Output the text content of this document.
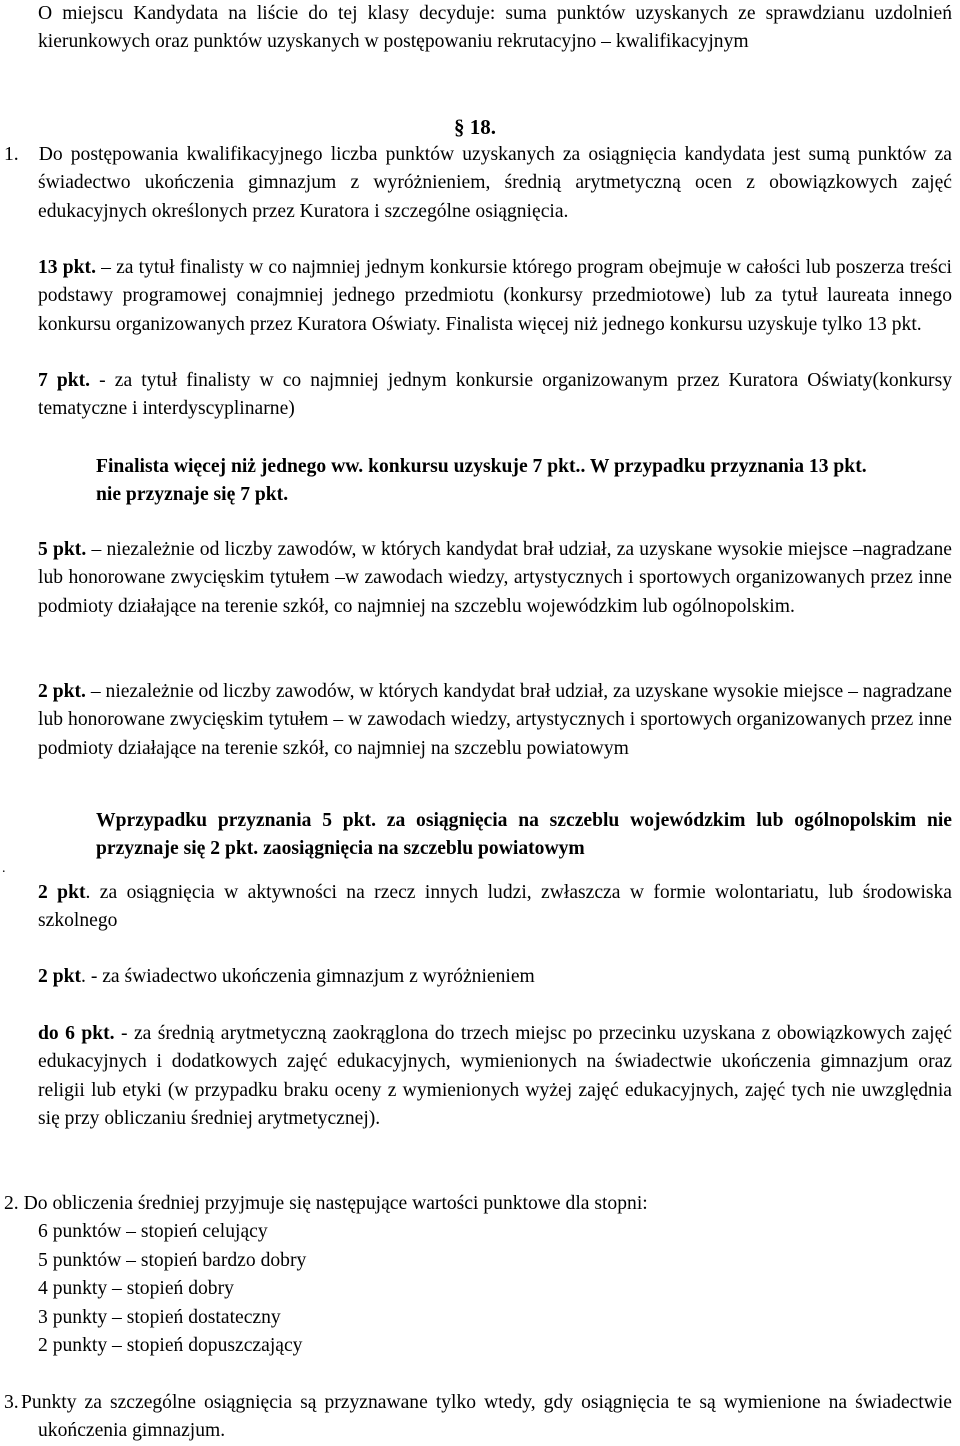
O miejscu Kandydata na liście do tej klasy decyduje: suma punktów uzyskanych ze sprawdzianu uzdolnień kierunkowych oraz punktów uzyskanych w postępowaniu rekrutacyjno – kwalifikacyjnym

§ 18.

1. Do postępowania kwalifikacyjnego liczba punktów uzyskanych za osiągnięcia kandydata jest sumą punktów za świadectwo ukończenia gimnazjum z wyróżnieniem, średnią arytmetyczną ocen z obowiązkowych zajęć edukacyjnych określonych przez Kuratora i szczególne osiągnięcia.

13 pkt. – za tytuł finalisty w co najmniej jednym konkursie którego program obejmuje w całości lub poszerza treści podstawy programowej conajmniej jednego przedmiotu (konkursy przedmiotowe) lub za tytuł laureata innego konkursu organizowanych przez Kuratora Oświaty. Finalista więcej niż jednego konkursu uzyskuje tylko 13 pkt.

7 pkt. - za tytuł finalisty w co najmniej jednym konkursie organizowanym przez Kuratora Oświaty(konkursy tematyczne i interdyscyplinarne)

Finalista więcej niż jednego ww. konkursu uzyskuje 7 pkt.. W przypadku przyznania 13 pkt. nie przyznaje się 7 pkt.

5 pkt. – niezależnie od liczby zawodów, w których kandydat brał udział, za uzyskane wysokie miejsce –nagradzane lub honorowane zwycięskim tytułem –w zawodach wiedzy, artystycznych i sportowych organizowanych przez inne podmioty działające na terenie szkół, co najmniej na szczeblu wojewódzkim lub ogólnopolskim.

2 pkt. – niezależnie od liczby zawodów, w których kandydat brał udział, za uzyskane wysokie miejsce – nagradzane lub honorowane zwycięskim tytułem – w zawodach wiedzy, artystycznych i sportowych organizowanych przez inne podmioty działające na terenie szkół, co najmniej na szczeblu powiatowym

Wprzypadku przyznania 5 pkt. za osiągnięcia na szczeblu wojewódzkim lub ogólnopolskim nie przyznaje się 2 pkt. zaosiągnięcia na szczeblu powiatowym

.

2 pkt. za osiągnięcia w aktywności na rzecz innych ludzi, zwłaszcza w formie wolontariatu, lub środowiska szkolnego

2 pkt. - za świadectwo ukończenia gimnazjum z wyróżnieniem

do 6 pkt. - za średnią arytmetyczną zaokrąglona do trzech miejsc po przecinku uzyskana z obowiązkowych zajęć edukacyjnych i dodatkowych zajęć edukacyjnych, wymienionych na świadectwie ukończenia gimnazjum oraz religii lub etyki (w przypadku braku oceny z wymienionych wyżej zajęć edukacyjnych, zajęć tych nie uwzględnia się przy obliczaniu średniej arytmetycznej).

2. Do obliczenia średniej przyjmuje się następujące wartości punktowe dla stopni:

6 punktów – stopień celujący

5 punktów – stopień bardzo dobry

4 punkty – stopień dobry

3 punkty – stopień dostateczny

2 punkty – stopień dopuszczający

3. Punkty za szczególne osiągnięcia są przyznawane tylko wtedy, gdy osiągnięcia te są wymienione na świadectwie ukończenia gimnazjum.
